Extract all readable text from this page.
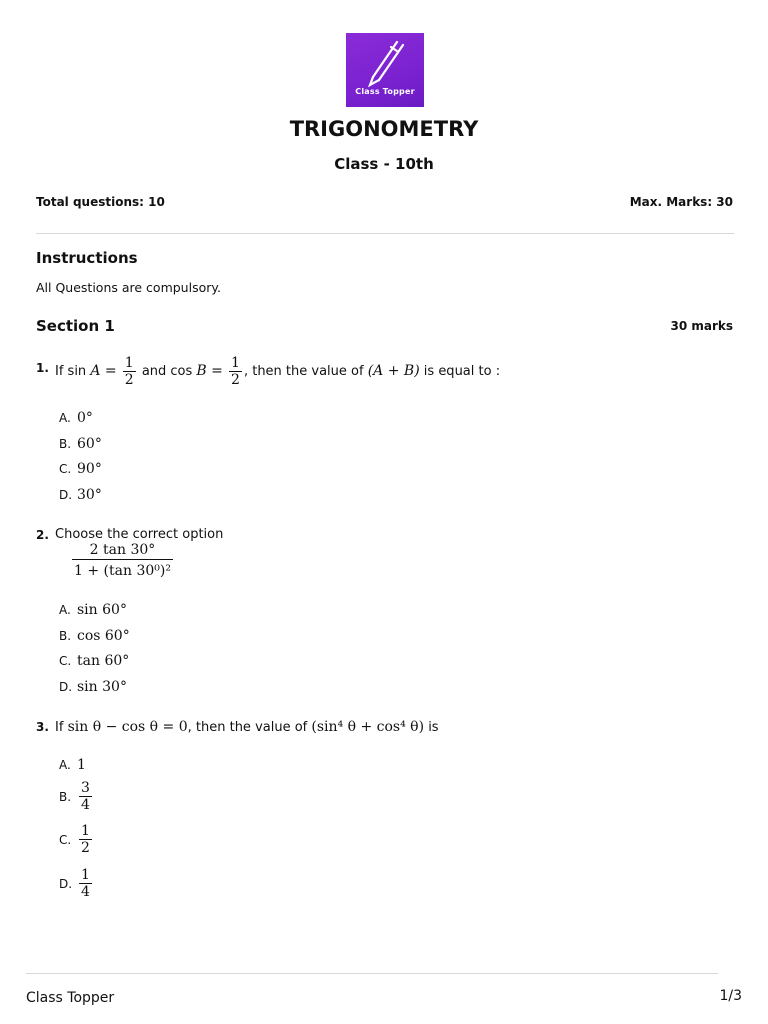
Class Topper
TRIGONOMETRY
Class - 10th
Total questions: 10	Max. Marks: 30
Instructions
All Questions are compulsory.
Section 1	30 marks
1. If $\sin A = \frac{1}{2}$ and $\cos B = \frac{1}{2}$ , then the value of (A + B) is equal to :
A. 0°
B. 60°
C. 90°
D. 30°
2. Choose the correct option
$\frac{2 \tan 30^\circ}{\text{1 + (tan 30⁰)²}}$
A. sin 60°
B. cos 60°
C. tan 60°
D. sin 30°
3. If sin θ − cos θ = 0, then the value of (sin⁴ θ + cos⁴ θ) is
A. 1
B. $\frac{3}{4}$
C. $\frac{1}{2}$
D. $\frac{1}{4}$
Class Topper	1/3
